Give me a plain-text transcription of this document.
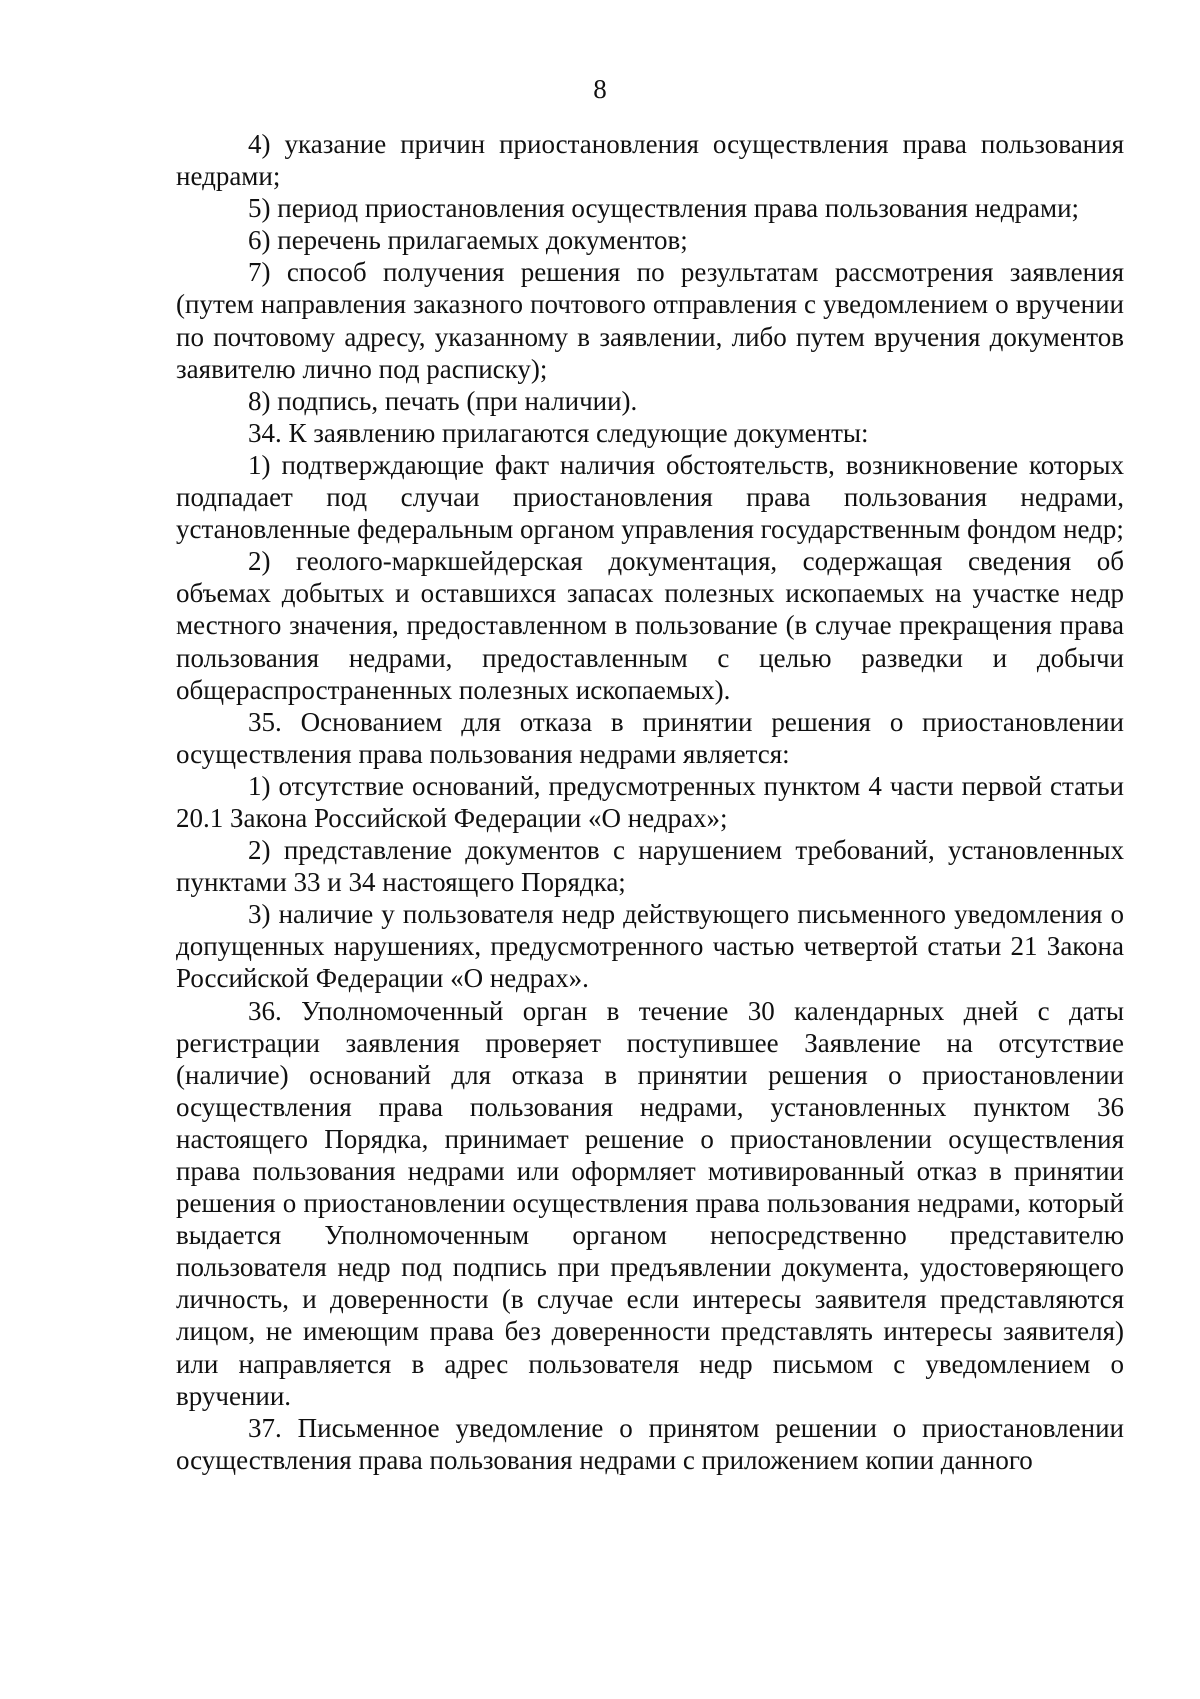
8

4) указание причин приостановления осуществления права пользования недрами;

5) период приостановления осуществления права пользования недрами;

6) перечень прилагаемых документов;

7) способ получения решения по результатам рассмотрения заявления (путем направления заказного почтового отправления с уведомлением о вручении по почтовому адресу, указанному в заявлении, либо путем вручения документов заявителю лично под расписку);

8) подпись, печать (при наличии).

34. К заявлению прилагаются следующие документы:

1) подтверждающие факт наличия обстоятельств, возникновение которых подпадает под случаи приостановления права пользования недрами, установленные федеральным органом управления государственным фондом недр;

2) геолого-маркшейдерская документация, содержащая сведения об объемах добытых и оставшихся запасах полезных ископаемых на участке недр местного значения, предоставленном в пользование (в случае прекращения права пользования недрами, предоставленным с целью разведки и добычи общераспространенных полезных ископаемых).

35. Основанием для отказа в принятии решения о приостановлении осуществления права пользования недрами является:

1) отсутствие оснований, предусмотренных пунктом 4 части первой статьи 20.1 Закона Российской Федерации «О недрах»;

2) представление документов с нарушением требований, установленных пунктами 33 и 34 настоящего Порядка;

3) наличие у пользователя недр действующего письменного уведомления о допущенных нарушениях, предусмотренного частью четвертой статьи 21 Закона Российской Федерации «О недрах».

36. Уполномоченный орган в течение 30 календарных дней с даты регистрации заявления проверяет поступившее Заявление на отсутствие (наличие) оснований для отказа в принятии решения о приостановлении осуществления права пользования недрами, установленных пунктом 36 настоящего Порядка, принимает решение о приостановлении осуществления права пользования недрами или оформляет мотивированный отказ в принятии решения о приостановлении осуществления права пользования недрами, который выдается Уполномоченным органом непосредственно представителю пользователя недр под подпись при предъявлении документа, удостоверяющего личность, и доверенности (в случае если интересы заявителя представляются лицом, не имеющим права без доверенности представлять интересы заявителя) или направляется в адрес пользователя недр письмом с уведомлением о вручении.

37. Письменное уведомление о принятом решении о приостановлении осуществления права пользования недрами с приложением копии данного
